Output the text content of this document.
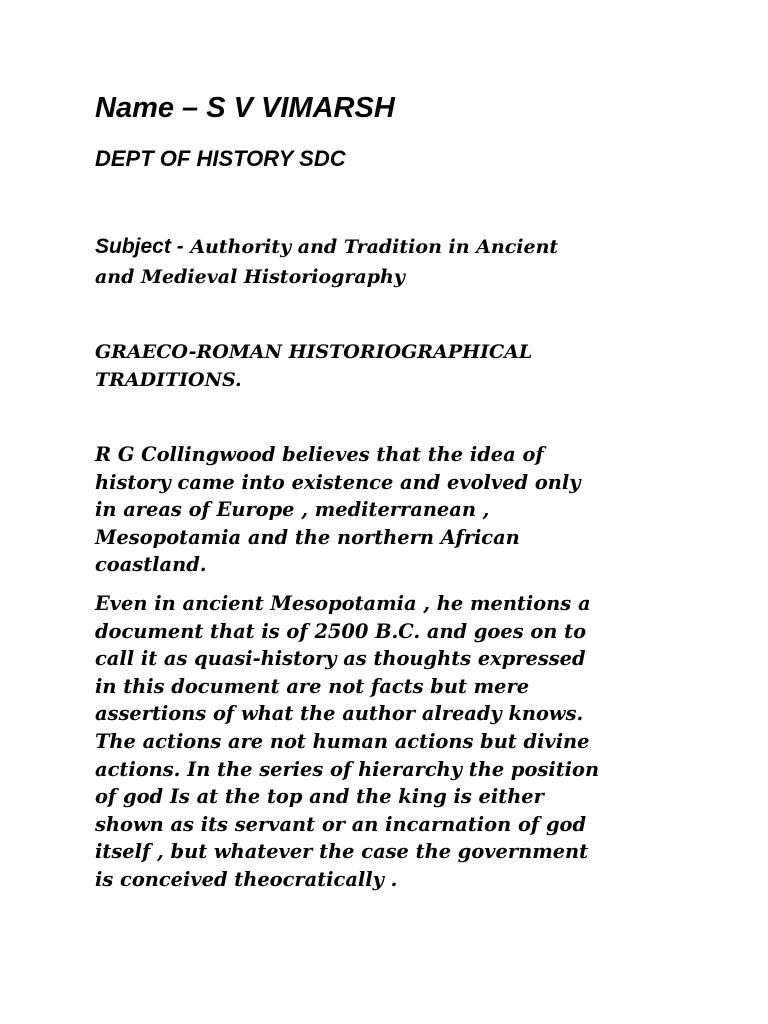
Name – S V VIMARSH
DEPT OF HISTORY SDC
Subject - Authority and Tradition in Ancient
and Medieval Historiography
GRAECO-ROMAN HISTORIOGRAPHICAL
TRADITIONS.
R G Collingwood believes that the idea of
history came into existence and evolved only
in areas of Europe , mediterranean ,
Mesopotamia and the northern African
coastland.
Even in ancient Mesopotamia , he mentions a
document that is of 2500 B.C. and goes on to
call it as quasi-history as thoughts expressed
in this document are not facts but mere
assertions of what the author already knows.
The actions are not human actions but divine
actions. In the series of hierarchy the position
of god Is at the top and the king is either
shown as its servant or an incarnation of god
itself , but whatever the case the government
is conceived theocratically .
